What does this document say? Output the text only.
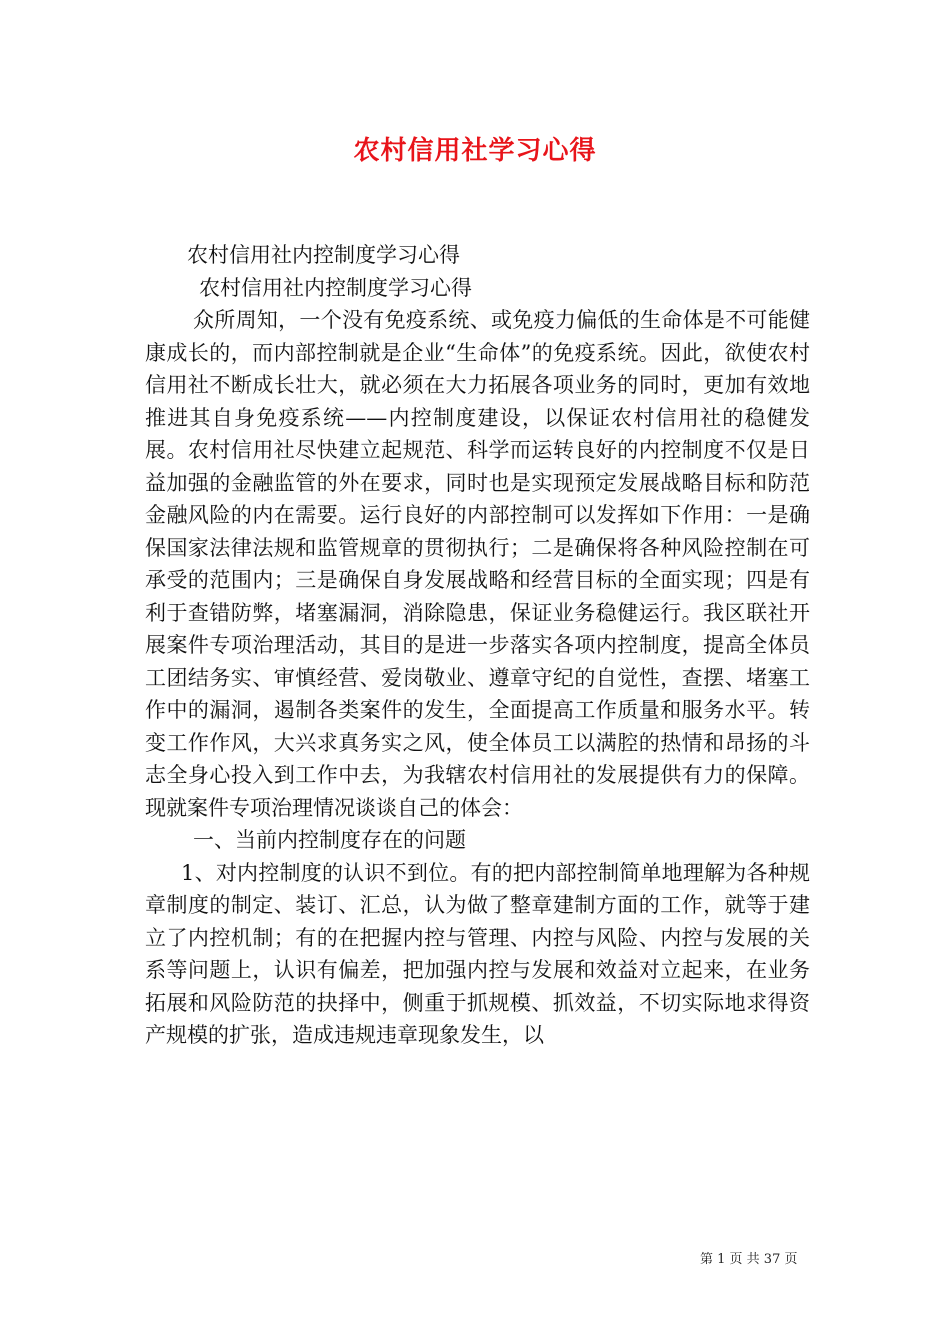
农村信用社学习心得

农村信用社内控制度学习心得

农村信用社内控制度学习心得

众所周知，一个没有免疫系统、或免疫力偏低的生命体是不可能健康成长的，而内部控制就是企业“生命体”的免疫系统。因此，欲使农村信用社不断成长壮大，就必须在大力拓展各项业务的同时，更加有效地推进其自身免疫系统——内控制度建设，以保证农村信用社的稳健发展。农村信用社尽快建立起规范、科学而运转良好的内控制度不仅是日益加强的金融监管的外在要求，同时也是实现预定发展战略目标和防范金融风险的内在需要。运行良好的内部控制可以发挥如下作用：一是确保国家法律法规和监管规章的贯彻执行；二是确保将各种风险控制在可承受的范围内；三是确保自身发展战略和经营目标的全面实现；四是有利于查错防弊，堵塞漏洞，消除隐患，保证业务稳健运行。我区联社开展案件专项治理活动，其目的是进一步落实各项内控制度，提高全体员工团结务实、审慎经营、爱岗敬业、遵章守纪的自觉性，查摆、堵塞工作中的漏洞，遏制各类案件的发生，全面提高工作质量和服务水平。转变工作作风，大兴求真务实之风，使全体员工以满腔的热情和昂扬的斗志全身心投入到工作中去，为我辖农村信用社的发展提供有力的保障。现就案件专项治理情况谈谈自己的体会：

一、当前内控制度存在的问题

1、对内控制度的认识不到位。有的把内部控制简单地理解为各种规章制度的制定、装订、汇总，认为做了整章建制方面的工作，就等于建立了内控机制；有的在把握内控与管理、内控与风险、内控与发展的关系等问题上，认识有偏差，把加强内控与发展和效益对立起来，在业务拓展和风险防范的抉择中，侧重于抓规模、抓效益，不切实际地求得资产规模的扩张，造成违规违章现象发生，以

第 1 页 共 37 页
